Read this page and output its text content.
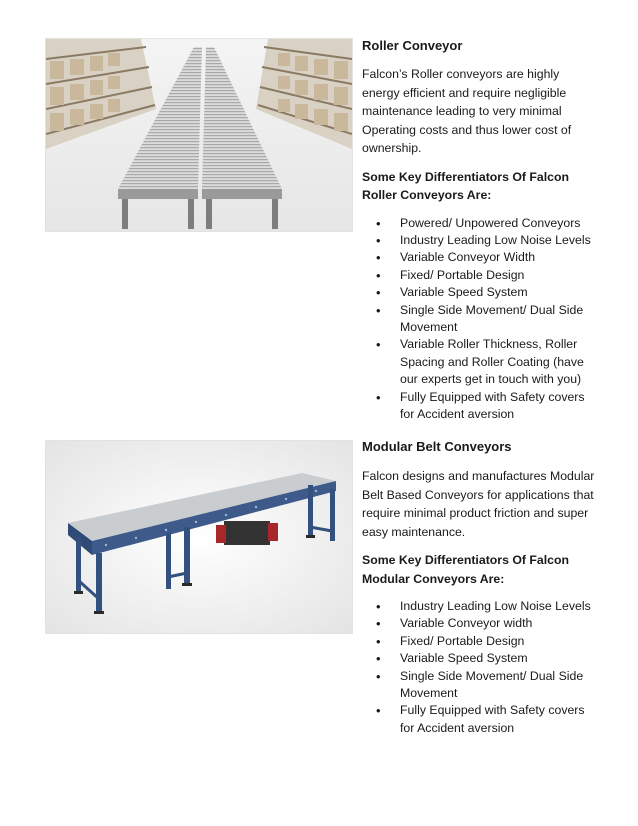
Roller Conveyor

Falcon’s Roller conveyors are highly energy efficient and require negligible maintenance leading to very minimal Operating costs and thus lower cost of ownership.

Some Key Differentiators Of Falcon Roller Conveyors Are:

• Powered/ Unpowered Conveyors
• Industry Leading Low Noise Levels
• Variable Conveyor Width
• Fixed/ Portable Design
• Variable Speed System
• Single Side Movement/ Dual Side Movement
• Variable Roller Thickness, Roller Spacing and Roller Coating (have our experts get in touch with you)
• Fully Equipped with Safety covers for Accident aversion
Modular Belt Conveyors

Falcon designs and manufactures Modular Belt Based Conveyors for applications that require minimal product friction and super easy maintenance.

Some Key Differentiators Of Falcon Modular Conveyors Are:

• Industry Leading Low Noise Levels
• Variable Conveyor width
• Fixed/ Portable Design
• Variable Speed System
• Single Side Movement/ Dual Side Movement
• Fully Equipped with Safety covers for Accident aversion
